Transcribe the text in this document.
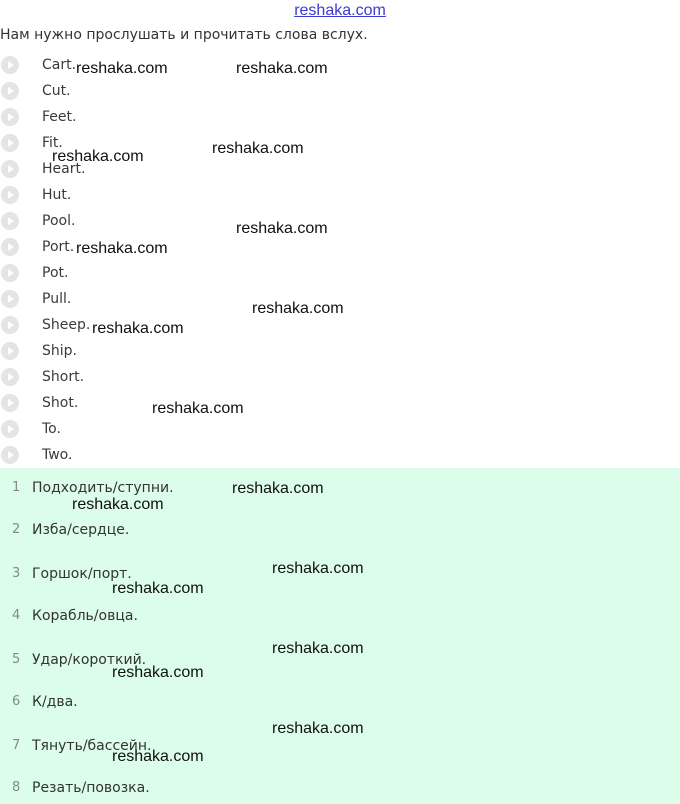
reshaka.com
Нам нужно прослушать и прочитать слова вслух.
Cart.
Cut.
Feet.
Fit.
Heart.
Hut.
Pool.
Port.
Pot.
Pull.
Sheep.
Ship.
Short.
Shot.
To.
Two.
1 Подходить/ступни.
2 Изба/сердце.
3 Горшок/порт.
4 Корабль/овца.
5 Удар/короткий.
6 К/два.
7 Тянуть/бассейн.
8 Резать/повозка.
reshaka.com	reshaka.com
reshaka.com
reshaka.com
reshaka.com
reshaka.com
reshaka.com
reshaka.com
reshaka.com
reshaka.com
reshaka.com
reshaka.com
reshaka.com
reshaka.com
reshaka.com
reshaka.com
reshaka.com
